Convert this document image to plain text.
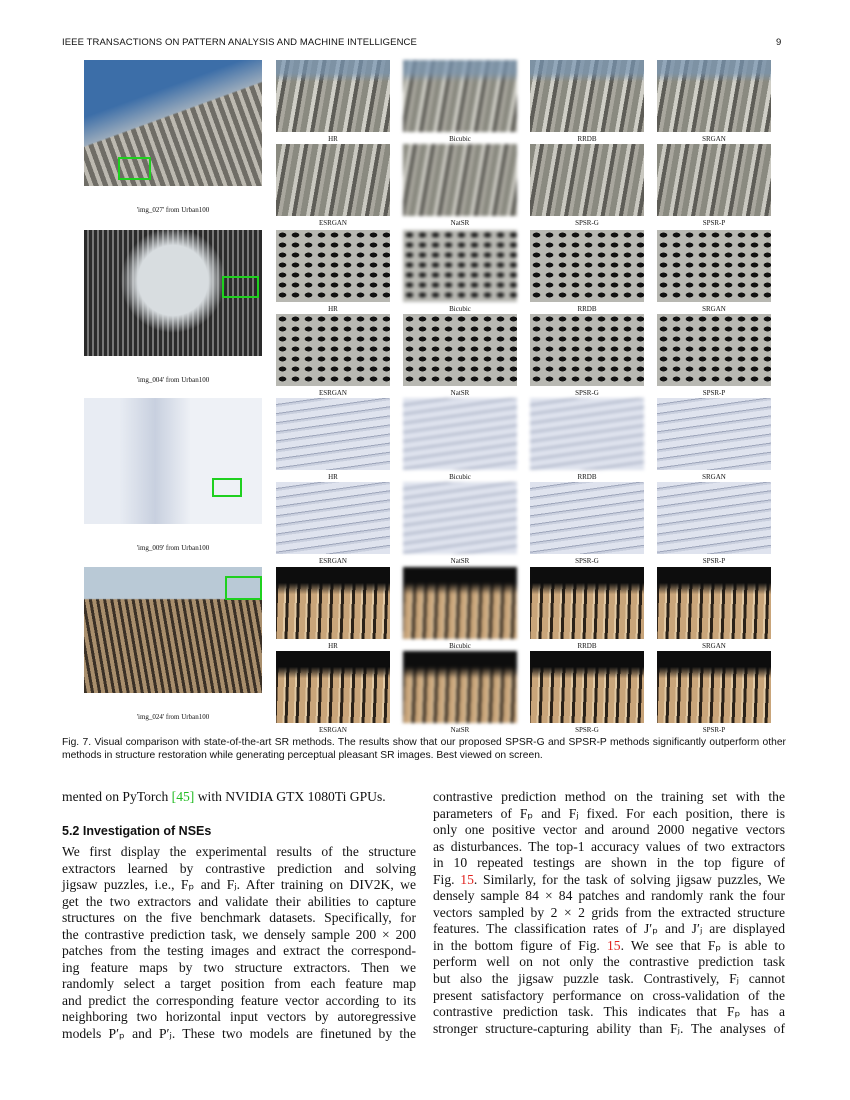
IEEE TRANSACTIONS ON PATTERN ANALYSIS AND MACHINE INTELLIGENCE	9
'img_027' from Urban100
HR	Bicubic	RRDB	SRGAN
ESRGAN	NatSR	SPSR-G	SPSR-P
'img_004' from Urban100
HR	Bicubic	RRDB	SRGAN
ESRGAN	NatSR	SPSR-G	SPSR-P
'img_009' from Urban100
HR	Bicubic	RRDB	SRGAN
ESRGAN	NatSR	SPSR-G	SPSR-P
'img_024' from Urban100
HR	Bicubic	RRDB	SRGAN
ESRGAN	NatSR	SPSR-G	SPSR-P
Fig. 7. Visual comparison with state-of-the-art SR methods. The results show that our proposed SPSR-G and SPSR-P methods significantly outperform other methods in structure restoration while generating perceptual pleasant SR images. Best viewed on screen.
mented on PyTorch [45] with NVIDIA GTX 1080Ti GPUs.
5.2 Investigation of NSEs
We first display the experimental results of the structure
extractors learned by contrastive prediction and solving
jigsaw puzzles, i.e., Fₚ and Fⱼ. After training on DIV2K, we
get the two extractors and validate their abilities to capture
structures on the five benchmark datasets. Specifically, for
the contrastive prediction task, we densely sample 200 × 200
patches from the testing images and extract the correspond-
ing feature maps by two structure extractors. Then we
randomly select a target position from each feature map
and predict the corresponding feature vector according to its
neighboring two horizontal input vectors by autoregressive
models P′ₚ and P′ⱼ. These two models are finetuned by the
contrastive prediction method on the training set with the
parameters of Fₚ and Fⱼ fixed. For each position, there is
only one positive vector and around 2000 negative vectors
as disturbances. The top-1 accuracy values of two extractors
in 10 repeated testings are shown in the top figure of
Fig. 15. Similarly, for the task of solving jigsaw puzzles, We
densely sample 84 × 84 patches and randomly rank the four
vectors sampled by 2 × 2 grids from the extracted structure
features. The classification rates of J′ₚ and J′ⱼ are displayed
in the bottom figure of Fig. 15. We see that Fₚ is able to
perform well on not only the contrastive prediction task
but also the jigsaw puzzle task. Contrastively, Fⱼ cannot
present satisfactory performance on cross-validation of the
contrastive prediction task. This indicates that Fₚ has a
stronger structure-capturing ability than Fⱼ. The analyses of
